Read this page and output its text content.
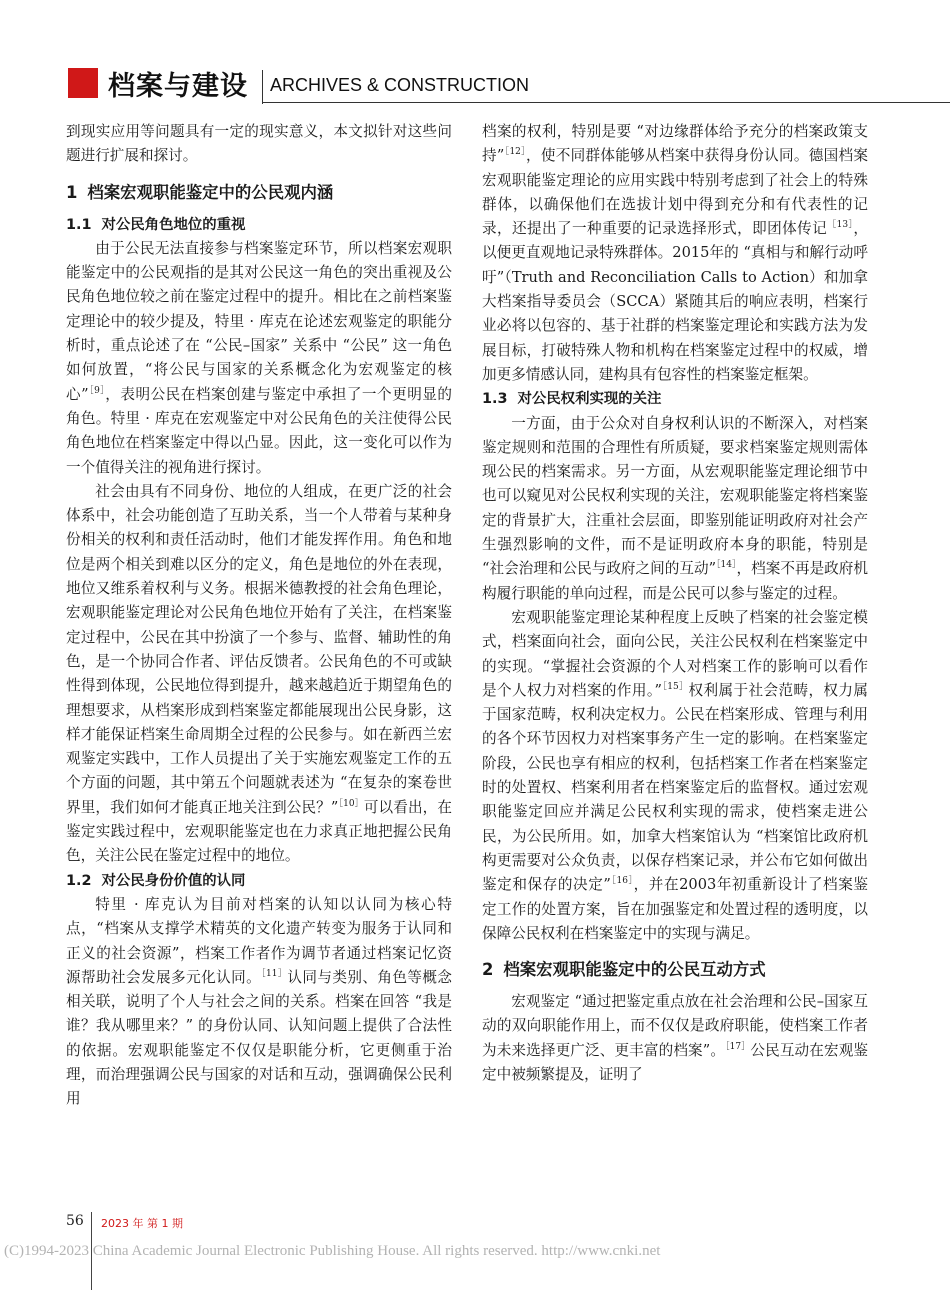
档案与建设 ARCHIVES & CONSTRUCTION

到现实应用等问题具有一定的现实意义，本文拟针对这些问题进行扩展和探讨。

1 档案宏观职能鉴定中的公民观内涵
1.1 对公民角色地位的重视

由于公民无法直接参与档案鉴定环节，所以档案宏观职能鉴定中的公民观指的是其对公民这一角色的突出重视及公民角色地位较之前在鉴定过程中的提升。相比在之前档案鉴定理论中的较少提及，特里 · 库克在论述宏观鉴定的职能分析时，重点论述了在 “公民–国家” 关系中 “公民” 这一角色如何放置，“将公民与国家的关系概念化为宏观鉴定的核心”$^{[9]}$，表明公民在档案创建与鉴定中承担了一个更明显的角色。特里 · 库克在宏观鉴定中对公民角色的关注使得公民角色地位在档案鉴定中得以凸显。因此，这一变化可以作为一个值得关注的视角进行探讨。

社会由具有不同身份、地位的人组成，在更广泛的社会体系中，社会功能创造了互助关系，当一个人带着与某种身份相关的权利和责任活动时，他们才能发挥作用。角色和地位是两个相关到难以区分的定义，角色是地位的外在表现，地位又维系着权利与义务。根据米德教授的社会角色理论，宏观职能鉴定理论对公民角色地位开始有了关注，在档案鉴定过程中，公民在其中扮演了一个参与、监督、辅助性的角色，是一个协同合作者、评估反馈者。公民角色的不可或缺性得到体现，公民地位得到提升，越来越趋近于期望角色的理想要求，从档案形成到档案鉴定都能展现出公民身影，这样才能保证档案生命周期全过程的公民参与。如在新西兰宏观鉴定实践中，工作人员提出了关于实施宏观鉴定工作的五个方面的问题，其中第五个问题就表述为 “在复杂的案卷世界里，我们如何才能真正地关注到公民？”$^{[10]}$可以看出，在鉴定实践过程中，宏观职能鉴定也在力求真正地把握公民角色，关注公民在鉴定过程中的地位。

1.2 对公民身份价值的认同

特里 · 库克认为目前对档案的认知以认同为核心特点，“档案从支撑学术精英的文化遗产转变为服务于认同和正义的社会资源”，档案工作者作为调节者通过档案记忆资源帮助社会发展多元化认同。$^{[11]}$认同与类别、角色等概念相关联，说明了个人与社会之间的关系。档案在回答 “我是谁？我从哪里来？” 的身份认同、认知问题上提供了合法性的依据。宏观职能鉴定不仅仅是职能分析，它更侧重于治理，而治理强调公民与国家的对话和互动，强调确保公民利用

档案的权利，特别是要 “对边缘群体给予充分的档案政策支持”$^{[12]}$，使不同群体能够从档案中获得身份认同。德国档案宏观职能鉴定理论的应用实践中特别考虑到了社会上的特殊群体，以确保他们在选拔计划中得到充分和有代表性的记录，还提出了一种重要的记录选择形式，即团体传记$^{[13]}$，以便更直观地记录特殊群体。2015年的 “真相与和解行动呼吁”（Truth and Reconciliation Calls to Action）和加拿大档案指导委员会（SCCA）紧随其后的响应表明，档案行业必将以包容的、基于社群的档案鉴定理论和实践方法为发展目标，打破特殊人物和机构在档案鉴定过程中的权威，增加更多情感认同，建构具有包容性的档案鉴定框架。

1.3 对公民权利实现的关注

一方面，由于公众对自身权利认识的不断深入，对档案鉴定规则和范围的合理性有所质疑，要求档案鉴定规则需体现公民的档案需求。另一方面，从宏观职能鉴定理论细节中也可以窥见对公民权利实现的关注，宏观职能鉴定将档案鉴定的背景扩大，注重社会层面，即鉴别能证明政府对社会产生强烈影响的文件，而不是证明政府本身的职能，特别是 “社会治理和公民与政府之间的互动”$^{[14]}$，档案不再是政府机构履行职能的单向过程，而是公民可以参与鉴定的过程。

宏观职能鉴定理论某种程度上反映了档案的社会鉴定模式，档案面向社会，面向公民，关注公民权利在档案鉴定中的实现。“掌握社会资源的个人对档案工作的影响可以看作是个人权力对档案的作用。”$^{[15]}$权利属于社会范畴，权力属于国家范畴，权利决定权力。公民在档案形成、管理与利用的各个环节因权力对档案事务产生一定的影响。在档案鉴定阶段，公民也享有相应的权利，包括档案工作者在档案鉴定时的处置权、档案利用者在档案鉴定后的监督权。通过宏观职能鉴定回应并满足公民权利实现的需求，使档案走进公民，为公民所用。如，加拿大档案馆认为 “档案馆比政府机构更需要对公众负责，以保存档案记录，并公布它如何做出鉴定和保存的决定”$^{[16]}$，并在2003年初重新设计了档案鉴定工作的处置方案，旨在加强鉴定和处置过程的透明度，以保障公民权利在档案鉴定中的实现与满足。

2 档案宏观职能鉴定中的公民互动方式

宏观鉴定 “通过把鉴定重点放在社会治理和公民–国家互动的双向职能作用上，而不仅仅是政府职能，使档案工作者为未来选择更广泛、更丰富的档案”。$^{[17]}$公民互动在宏观鉴定中被频繁提及，证明了

56 2023 年 第 1 期
(C)1994-2023 China Academic Journal Electronic Publishing House. All rights reserved. http://www.cnki.net
